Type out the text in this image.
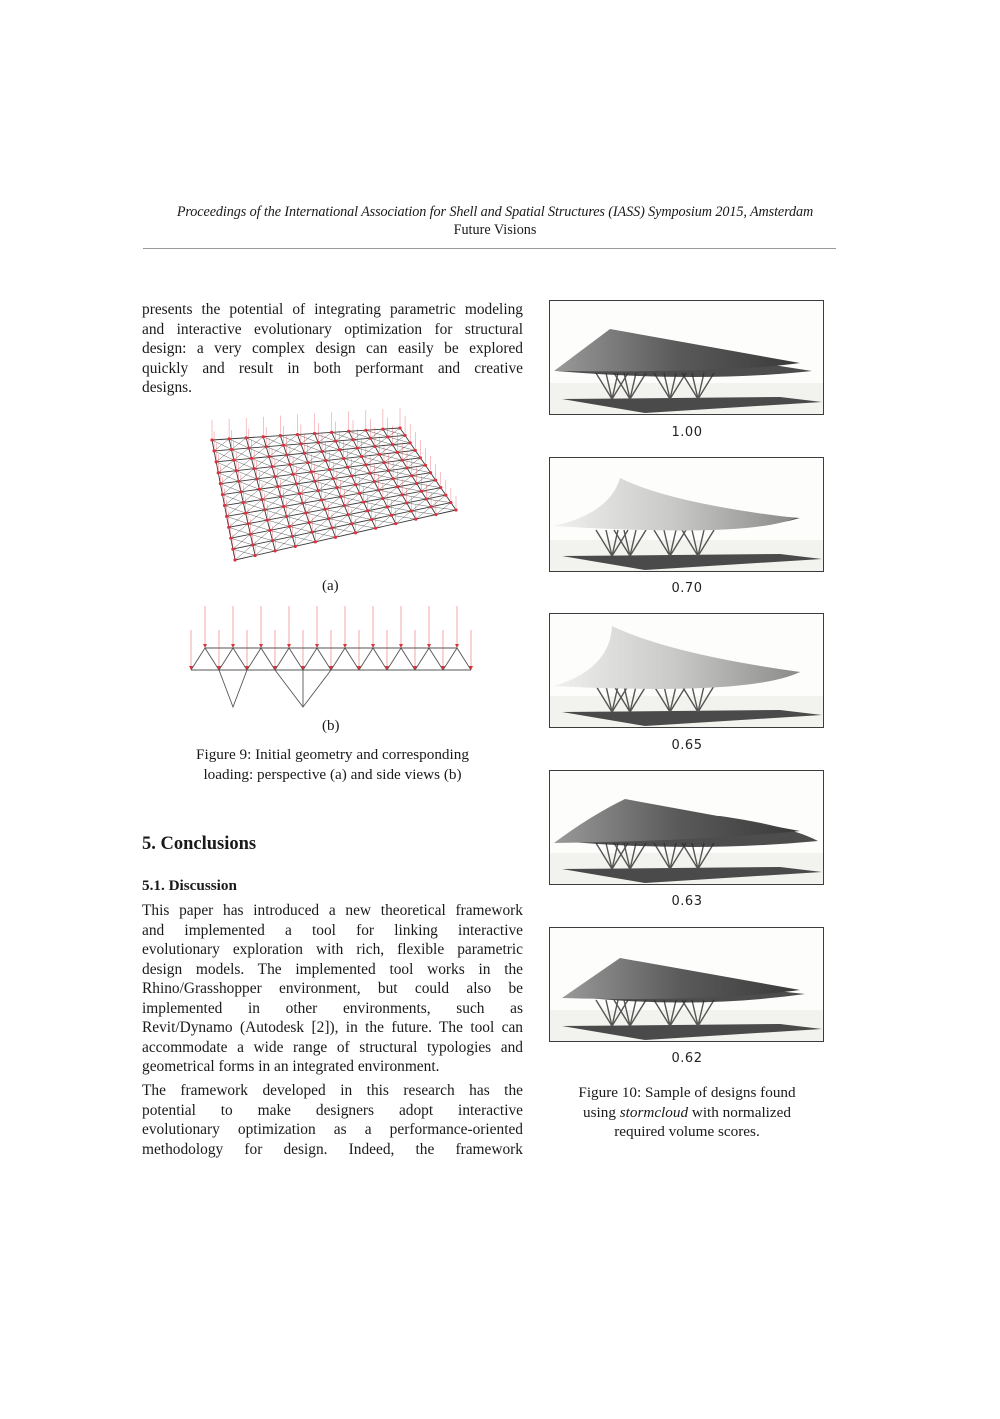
Proceedings of the International Association for Shell and Spatial Structures (IASS) Symposium 2015, Amsterdam
Future Visions
presents the potential of integrating parametric modeling
and interactive evolutionary optimization for structural
design: a very complex design can easily be explored
quickly and result in both performant and creative
designs.
(a)
(b)
Figure 9: Initial geometry and corresponding
loading: perspective (a) and side views (b)
5. Conclusions
5.1. Discussion
This paper has introduced a new theoretical framework
and implemented a tool for linking interactive
evolutionary exploration with rich, flexible parametric
design models. The implemented tool works in the
Rhino/Grasshopper environment, but could also be
implemented in other environments, such as
Revit/Dynamo (Autodesk [2]), in the future. The tool can
accommodate a wide range of structural typologies and
geometrical forms in an integrated environment.
The framework developed in this research has the
potential to make designers adopt interactive
evolutionary optimization as a performance-oriented
methodology for design. Indeed, the framework
1.00
0.70
0.65
0.63
0.62
Figure 10: Sample of designs found
using stormcloud with normalized
required volume scores.
